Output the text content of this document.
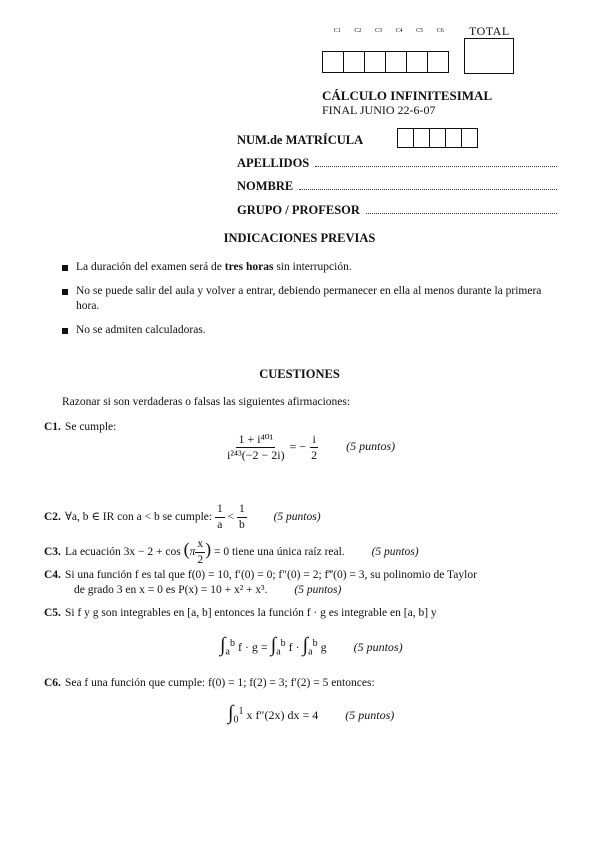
C1	C2	C3	C4	C5	C6	TOTAL
CÁLCULO INFINITESIMAL
FINAL JUNIO 22-6-07
NUM.de MATRÍCULA
APELLIDOS
NOMBRE
GRUPO / PROFESOR
INDICACIONES PREVIAS
La duración del examen será de tres horas sin interrupción.
No se puede salir del aula y volver a entrar, debiendo permanecer en ella al menos durante la primera hora.
No se admiten calculadoras.
CUESTIONES
Razonar si son verdaderas o falsas las siguientes afirmaciones:
C1. Se cumple:
$\frac{\text{1 + i⁴⁰¹}}{\text{i²⁴³(−2 − 2i)}}$ = − $\frac{i}{2} (5$ puntos)
C2. ∀a, b ∈ IR con a < b se cumple: $\frac{1}{a} < \frac{1}{b} (5$ puntos)
C3. La ecuación $3x - 2 + \cos (\pi \frac{x}{2}$ ) = 0 tiene una única raíz real. (5 puntos)
C4. Si una función f es tal que f(0) = 10, f′(0) = 0; f″(0) = 2; f‴(0) = 3, su polinomio de Taylor
de grado 3 en x = 0 es P(x) = 10 + x² + x³. (5 puntos)
C5. Si f y g son integrables en [a, b] entonces la función f · g es integrable en [a, b] y
$\int_a^b$ $f \cdot g = \int_a^b$ $f \cdot \int_a^b$ g (5 puntos)
C6. Sea f una función que cumple: f(0) = 1; f(2) = 3; f′(2) = 5 entonces:
$\int_0^1$ x f″(2x) dx = 4 (5 puntos)
